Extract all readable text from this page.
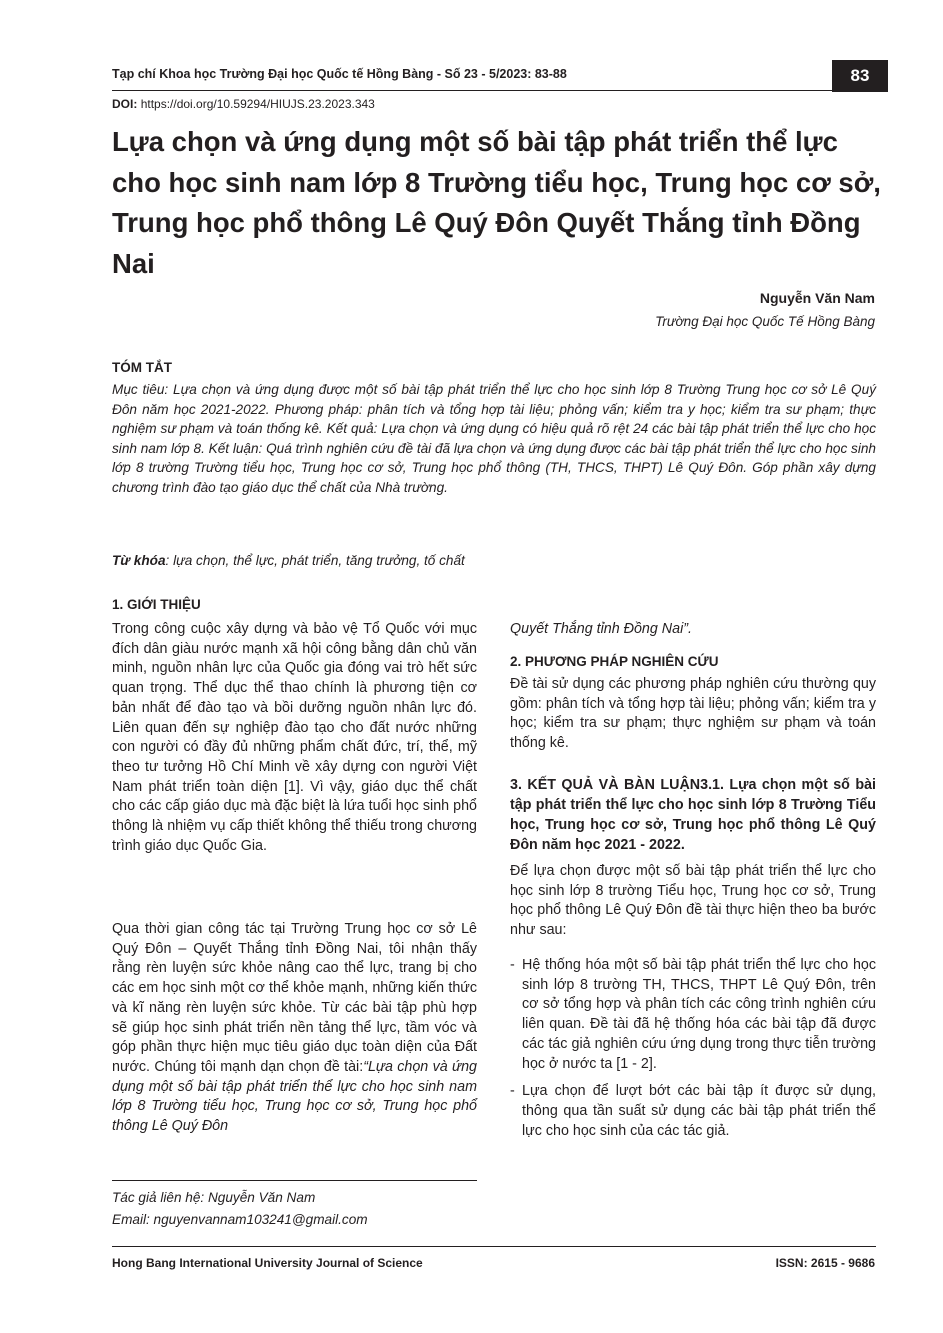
Tạp chí Khoa học Trường Đại học Quốc tế Hồng Bàng - Số 23 - 5/2023: 83-88	83
DOI: https://doi.org/10.59294/HIUJS.23.2023.343
Lựa chọn và ứng dụng một số bài tập phát triển thể lực cho học sinh nam lớp 8 Trường tiểu học, Trung học cơ sở, Trung học phổ thông Lê Quý Đôn Quyết Thắng tỉnh Đồng Nai
Nguyễn Văn Nam
Trường Đại học Quốc Tế Hồng Bàng
TÓM TẮT
Mục tiêu: Lựa chọn và ứng dụng được một số bài tập phát triển thể lực cho học sinh lớp 8 Trường Trung học cơ sở Lê Quý Đôn năm học 2021-2022. Phương pháp: phân tích và tổng hợp tài liệu; phỏng vấn; kiểm tra y học; kiểm tra sư phạm; thực nghiệm sư phạm và toán thống kê. Kết quả: Lựa chọn và ứng dụng có hiệu quả rõ rệt 24 các bài tập phát triển thể lực cho học sinh nam lớp 8. Kết luận: Quá trình nghiên cứu đề tài đã lựa chọn và ứng dụng được các bài tập phát triển thể lực cho học sinh lớp 8 trường Trường tiểu học, Trung học cơ sở, Trung học phổ thông (TH, THCS, THPT) Lê Quý Đôn. Góp phần xây dựng chương trình đào tạo giáo dục thể chất của Nhà trường.
Từ khóa: lựa chọn, thể lực, phát triển, tăng trưởng, tố chất
1. GIỚI THIỆU
Trong công cuộc xây dựng và bảo vệ Tổ Quốc với mục đích dân giàu nước mạnh xã hội công bằng dân chủ văn minh, nguồn nhân lực của Quốc gia đóng vai trò hết sức quan trọng. Thể dục thể thao chính là phương tiện cơ bản nhất để đào tạo và bồi dưỡng nguồn nhân lực đó. Liên quan đến sự nghiệp đào tạo cho đất nước những con người có đầy đủ những phẩm chất đức, trí, thể, mỹ theo tư tưởng Hồ Chí Minh về xây dựng con người Việt Nam phát triển toàn diện [1]. Vì vậy, giáo dục thể chất cho các cấp giáo dục mà đặc biệt là lứa tuổi học sinh phổ thông là nhiệm vụ cấp thiết không thể thiếu trong chương trình giáo dục Quốc Gia.
Qua thời gian công tác tại Trường Trung học cơ sở Lê Quý Đôn – Quyết Thắng tỉnh Đồng Nai, tôi nhận thấy rằng rèn luyện sức khỏe nâng cao thể lực, trang bị cho các em học sinh một cơ thể khỏe mạnh, những kiến thức và kĩ năng rèn luyện sức khỏe. Từ các bài tập phù hợp sẽ giúp học sinh phát triển nền tảng thể lực, tầm vóc và góp phần thực hiện mục tiêu giáo dục toàn diện của Đất nước. Chúng tôi mạnh dạn chọn đề tài:“Lựa chọn và ứng dụng một số bài tập phát triển thể lực cho học sinh nam lớp 8 Trường tiểu học, Trung học cơ sở, Trung học phổ thông Lê Quý Đôn
Tác giả liên hệ: Nguyễn Văn Nam
Email: nguyenvannam103241@gmail.com
Quyết Thắng tỉnh Đồng Nai”.
2. PHƯƠNG PHÁP NGHIÊN CỨU
Đề tài sử dụng các phương pháp nghiên cứu thường quy gồm: phân tích và tổng hợp tài liệu; phỏng vấn; kiểm tra y học; kiểm tra sư phạm; thực nghiệm sư phạm và toán thống kê.
3. KẾT QUẢ VÀ BÀN LUẬN3.1. Lựa chọn một số bài tập phát triển thể lực cho học sinh lớp 8 Trường Tiểu học, Trung học cơ sở, Trung học phổ thông Lê Quý Đôn năm học 2021 - 2022.
Để lựa chọn được một số bài tập phát triển thể lực cho học sinh lớp 8 trường Tiểu học, Trung học cơ sở, Trung học phổ thông Lê Quý Đôn đề tài thực hiện theo ba bước như sau:
- Hệ thống hóa một số bài tập phát triển thể lực cho học sinh lớp 8 trường TH, THCS, THPT Lê Quý Đôn, trên cơ sở tổng hợp và phân tích các công trình nghiên cứu liên quan. Đề tài đã hệ thống hóa các bài tập đã được các tác giả nghiên cứu ứng dụng trong thực tiễn trường học ở nước ta [1 - 2].
- Lựa chọn để lượt bớt các bài tập ít được sử dụng, thông qua tần suất sử dụng các bài tập phát triển thể lực cho học sinh của các tác giả.
Hong Bang International University Journal of Science	ISSN: 2615 - 9686
